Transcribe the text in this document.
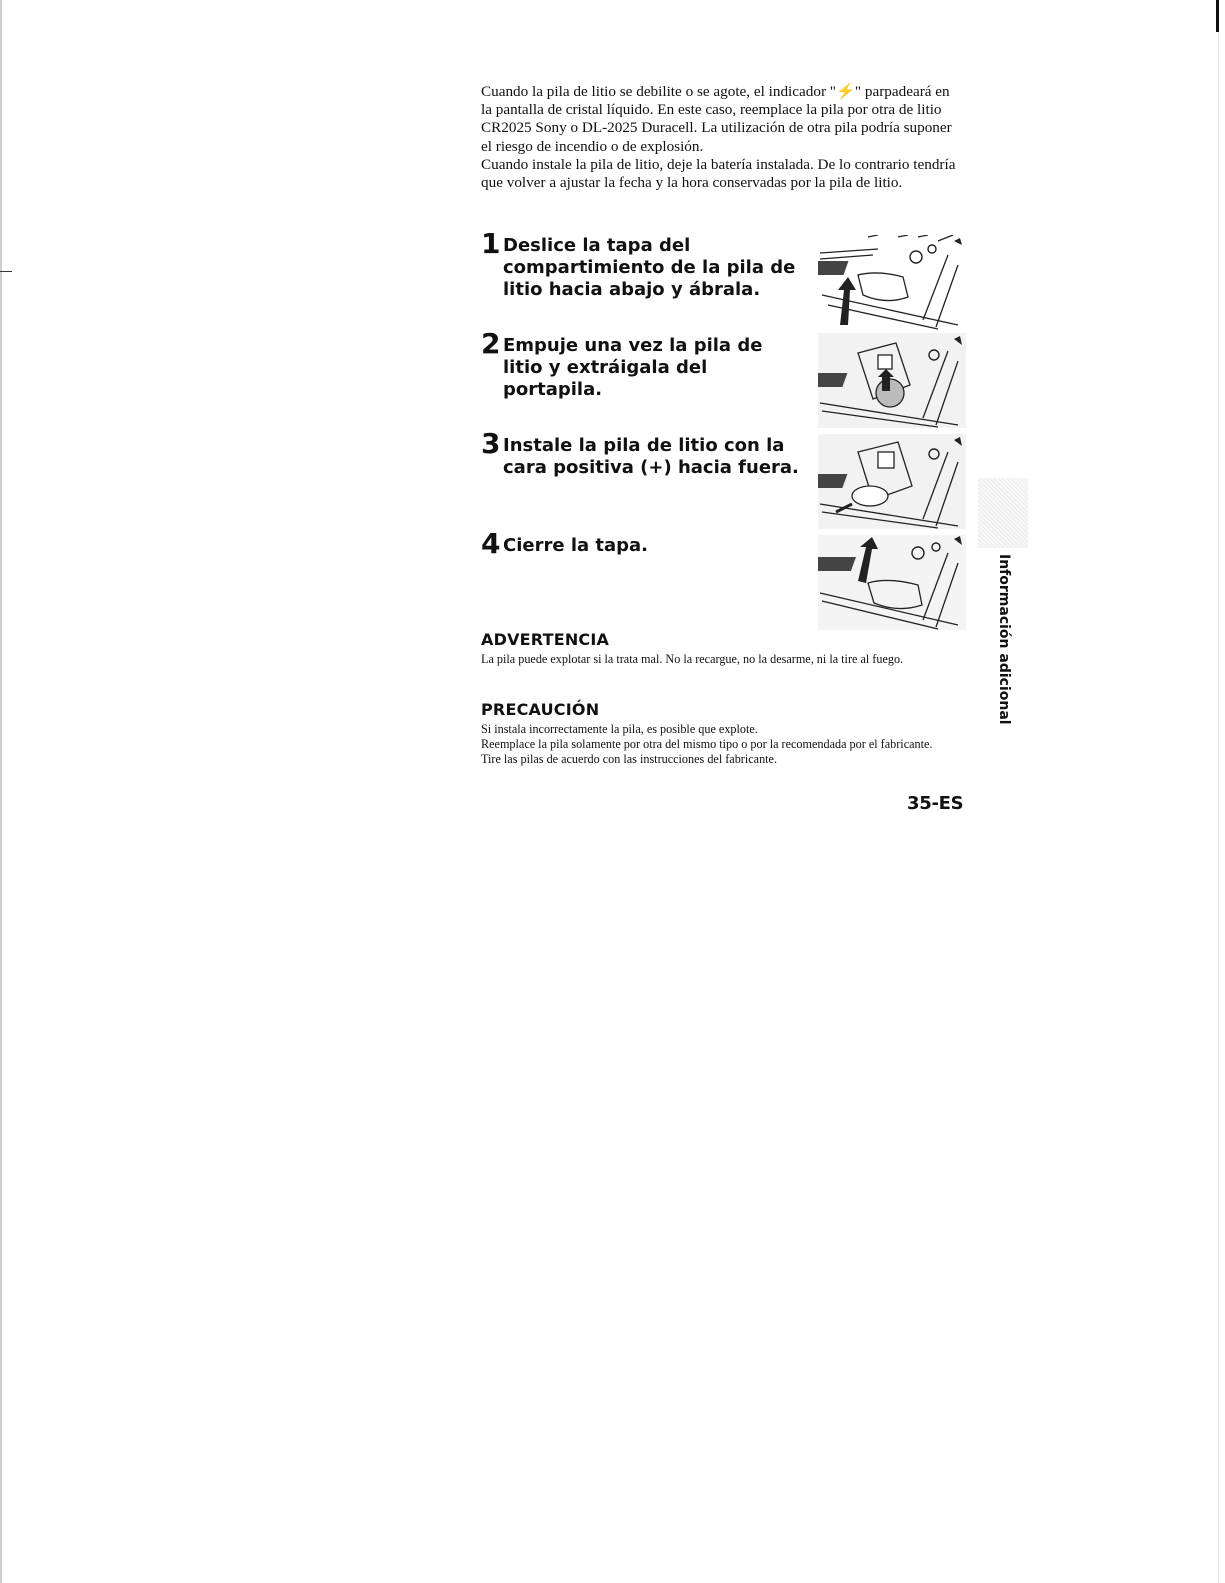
Cuando la pila de litio se debilite o se agote, el indicador "⚡" parpadeará en la pantalla de cristal líquido. En este caso, reemplace la pila por otra de litio CR2025 Sony o DL-2025 Duracell. La utilización de otra pila podría suponer el riesgo de incendio o de explosión.

Cuando instale la pila de litio, deje la batería instalada. De lo contrario tendría que volver a ajustar la fecha y la hora conservadas por la pila de litio.

1 Deslice la tapa del compartimiento de la pila de litio hacia abajo y ábrala.
2 Empuje una vez la pila de litio y extráigala del portapila.
3 Instale la pila de litio con la cara positiva (+) hacia fuera.
4 Cierre la tapa.
ADVERTENCIA

La pila puede explotar si la trata mal. No la recargue, no la desarme, ni la tire al fuego.

PRECAUCIÓN

Si instala incorrectamente la pila, es posible que explote.

Reemplace la pila solamente por otra del mismo tipo o por la recomendada por el fabricante.

Tire las pilas de acuerdo con las instrucciones del fabricante.

Información adicional
35-ES
